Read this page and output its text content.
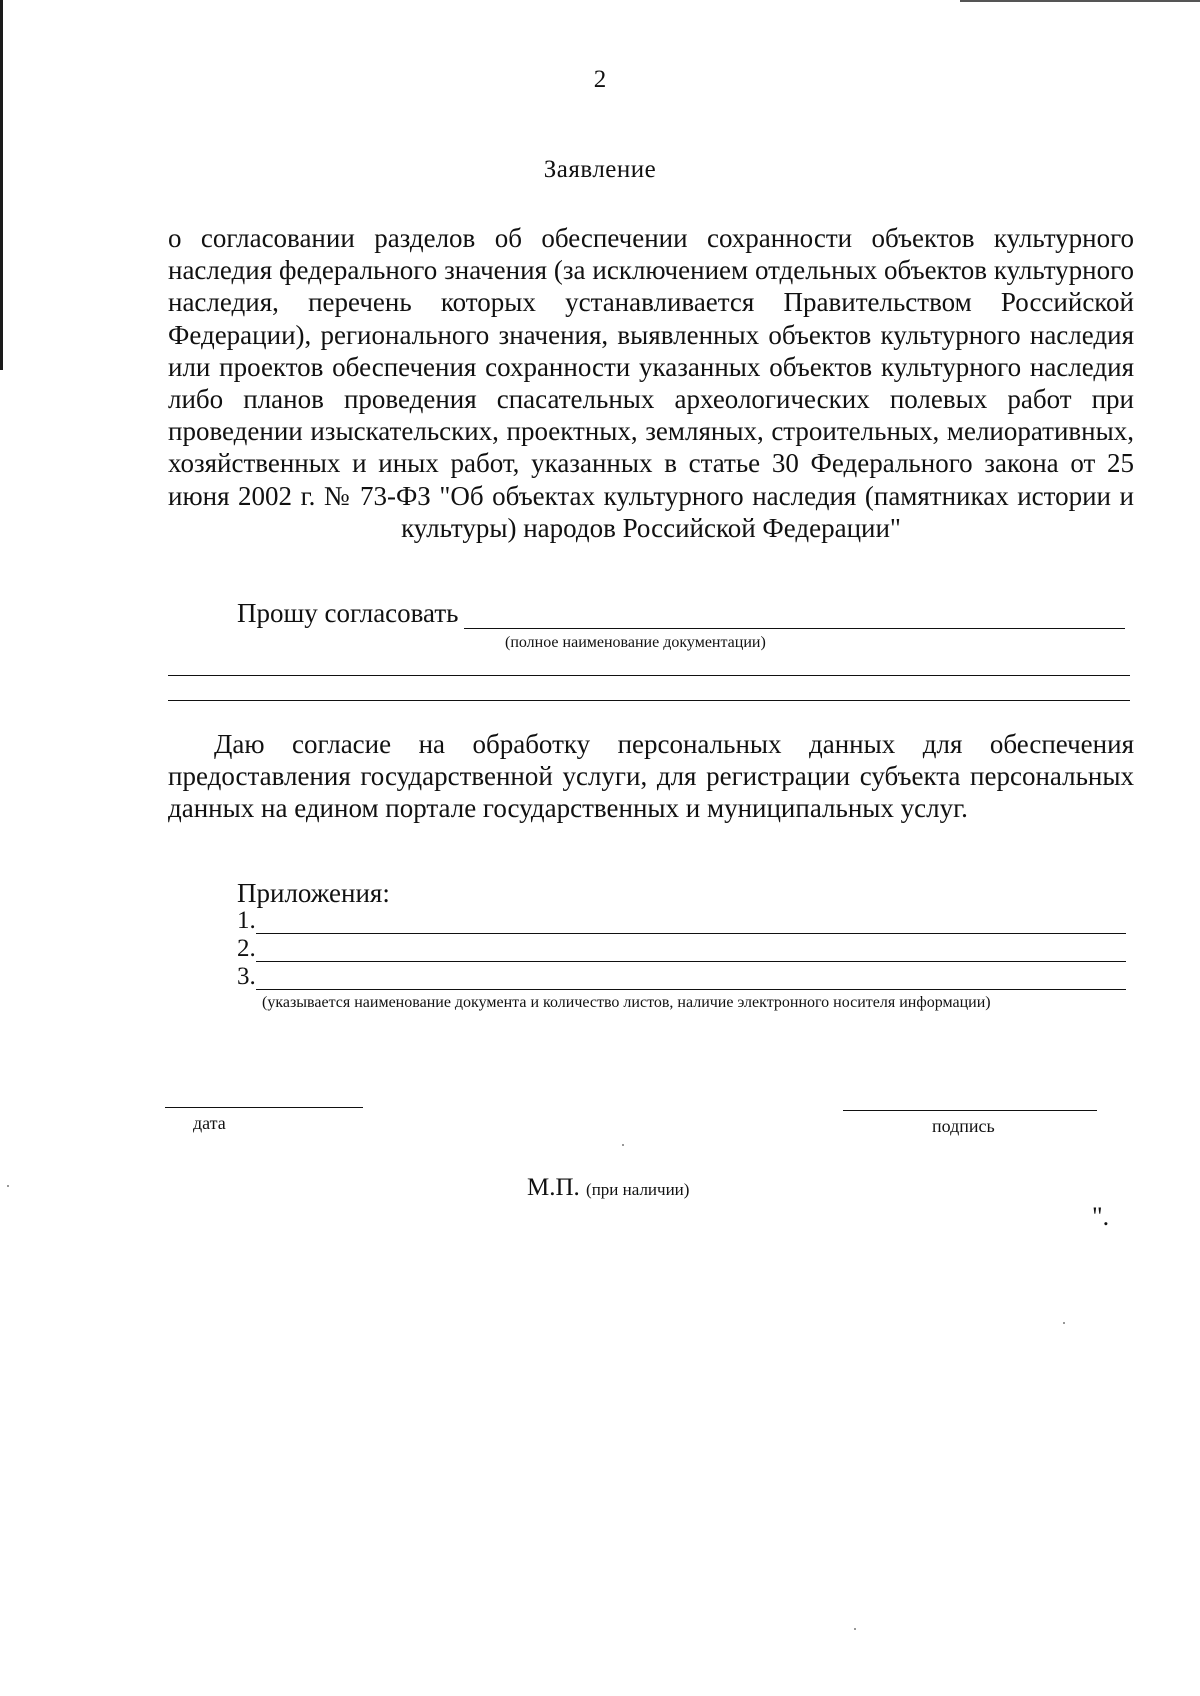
2
Заявление
о согласовании разделов об обеспечении сохранности объектов культурного наследия федерального значения (за исключением отдельных объектов культурного наследия, перечень которых устанавливается Правительством Российской Федерации), регионального значения, выявленных объектов культурного наследия или проектов обеспечения сохранности указанных объектов культурного наследия либо планов проведения спасательных археологических полевых работ при проведении изыскательских, проектных, земляных, строительных, мелиоративных, хозяйственных и иных работ, указанных в статье 30 Федерального закона от 25 июня 2002 г. № 73-ФЗ "Об объектах культурного наследия (памятниках истории и культуры) народов Российской Федерации"
Прошу согласовать
(полное наименование документации)
Даю согласие на обработку персональных данных для обеспечения предоставления государственной услуги, для регистрации субъекта персональных данных на едином портале государственных и муниципальных услуг.
Приложения:
1.
2.
3.
(указывается наименование документа и количество листов, наличие электронного носителя информации)
дата	подпись
М.П. (при наличии)
".
